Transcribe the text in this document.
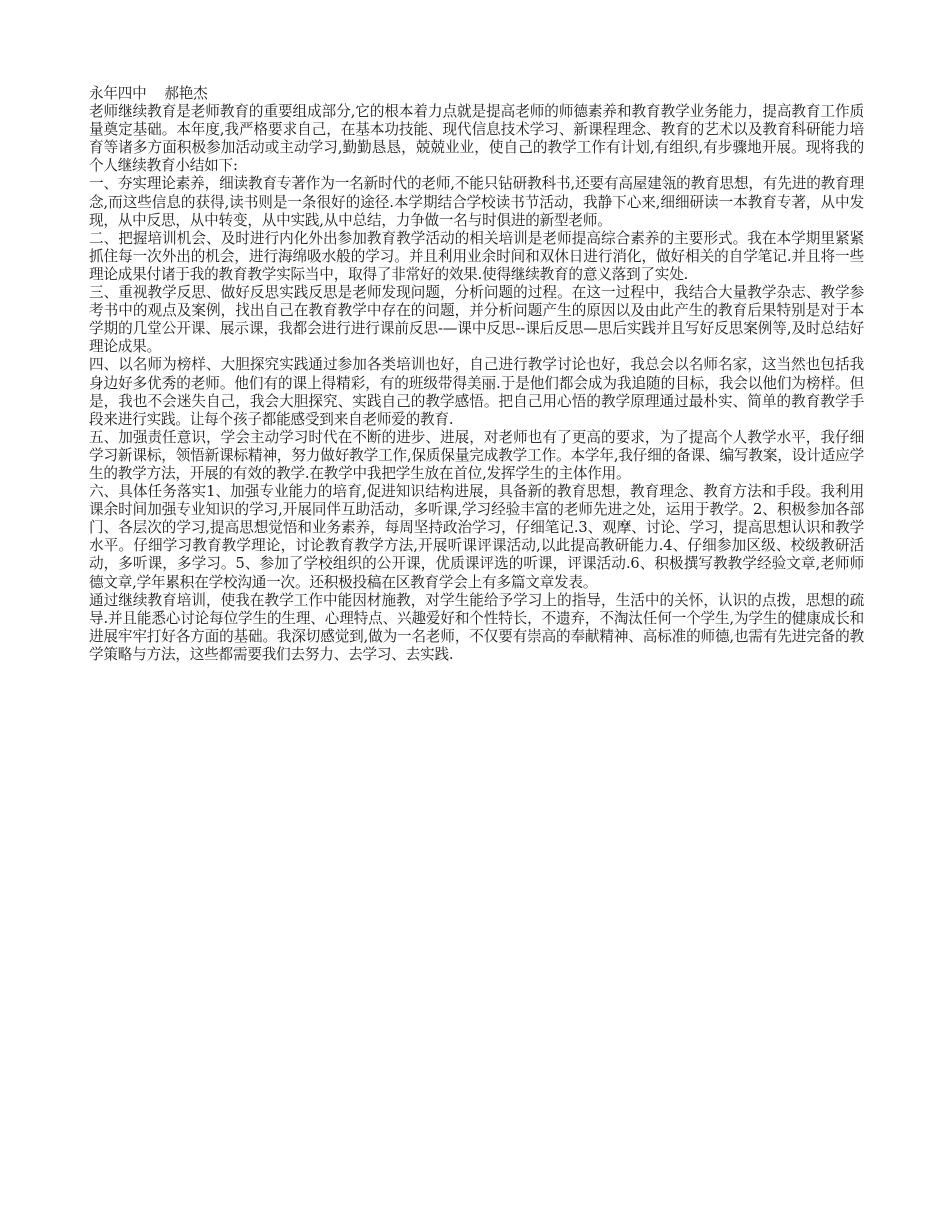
永年四中    郝艳杰

老师继续教育是老师教育的重要组成部分,它的根本着力点就是提高老师的师德素养和教育教学业务能力，提高教育工作质量奠定基础。本年度,我严格要求自己，在基本功技能、现代信息技术学习、新课程理念、教育的艺术以及教育科研能力培育等诸多方面积极参加活动或主动学习,勤勤恳恳，兢兢业业，使自己的教学工作有计划,有组织,有步骤地开展。现将我的个人继续教育小结如下:

一、夯实理论素养，细读教育专著作为一名新时代的老师,不能只钻研教科书,还要有高屋建瓴的教育思想，有先进的教育理念,而这些信息的获得,读书则是一条很好的途径.本学期结合学校读书节活动，我静下心来,细细研读一本教育专著，从中发现，从中反思，从中转变，从中实践,从中总结，力争做一名与时俱进的新型老师。

二、把握培训机会、及时进行内化外出参加教育教学活动的相关培训是老师提高综合素养的主要形式。我在本学期里紧紧抓住每一次外出的机会，进行海绵吸水般的学习。并且利用业余时间和双休日进行消化，做好相关的自学笔记.并且将一些理论成果付诸于我的教育教学实际当中，取得了非常好的效果.使得继续教育的意义落到了实处.

三、重视教学反思、做好反思实践反思是老师发现问题，分析问题的过程。在这一过程中，我结合大量教学杂志、教学参考书中的观点及案例，找出自己在教育教学中存在的问题，并分析问题产生的原因以及由此产生的教育后果特别是对于本学期的几堂公开课、展示课，我都会进行进行课前反思-—课中反思--课后反思—思后实践并且写好反思案例等,及时总结好理论成果。

四、以名师为榜样、大胆探究实践通过参加各类培训也好，自己进行教学讨论也好，我总会以名师名家，这当然也包括我身边好多优秀的老师。他们有的课上得精彩，有的班级带得美丽.于是他们都会成为我追随的目标，我会以他们为榜样。但是，我也不会迷失自己，我会大胆探究、实践自己的教学感悟。把自己用心悟的教学原理通过最朴实、简单的教育教学手段来进行实践。让每个孩子都能感受到来自老师爱的教育.

五、加强责任意识，学会主动学习时代在不断的进步、进展，对老师也有了更高的要求，为了提高个人教学水平，我仔细学习新课标，领悟新课标精神，努力做好教学工作,保质保量完成教学工作。本学年,我仔细的备课、编写教案，设计适应学生的教学方法，开展的有效的教学.在教学中我把学生放在首位,发挥学生的主体作用。

六、具体任务落实1、加强专业能力的培育,促进知识结构进展，具备新的教育思想，教育理念、教育方法和手段。我利用课余时间加强专业知识的学习,开展同伴互助活动，多听课,学习经验丰富的老师先进之处，运用于教学。2、积极参加各部门、各层次的学习,提高思想觉悟和业务素养，每周坚持政治学习，仔细笔记.3、观摩、讨论、学习，提高思想认识和教学水平。仔细学习教育教学理论，讨论教育教学方法,开展听课评课活动,以此提高教研能力.4、仔细参加区级、校级教研活动，多听课，多学习。5、参加了学校组织的公开课，优质课评选的听课，评课活动.6、积极撰写教教学经验文章,老师师德文章,学年累积在学校沟通一次。还积极投稿在区教育学会上有多篇文章发表。

通过继续教育培训，使我在教学工作中能因材施教，对学生能给予学习上的指导，生活中的关怀，认识的点拨，思想的疏导.并且能悉心讨论每位学生的生理、心理特点、兴趣爱好和个性特长，不遗弃，不淘汰任何一个学生,为学生的健康成长和进展牢牢打好各方面的基础。我深切感觉到,做为一名老师，不仅要有崇高的奉献精神、高标准的师德,也需有先进完备的教学策略与方法，这些都需要我们去努力、去学习、去实践.
